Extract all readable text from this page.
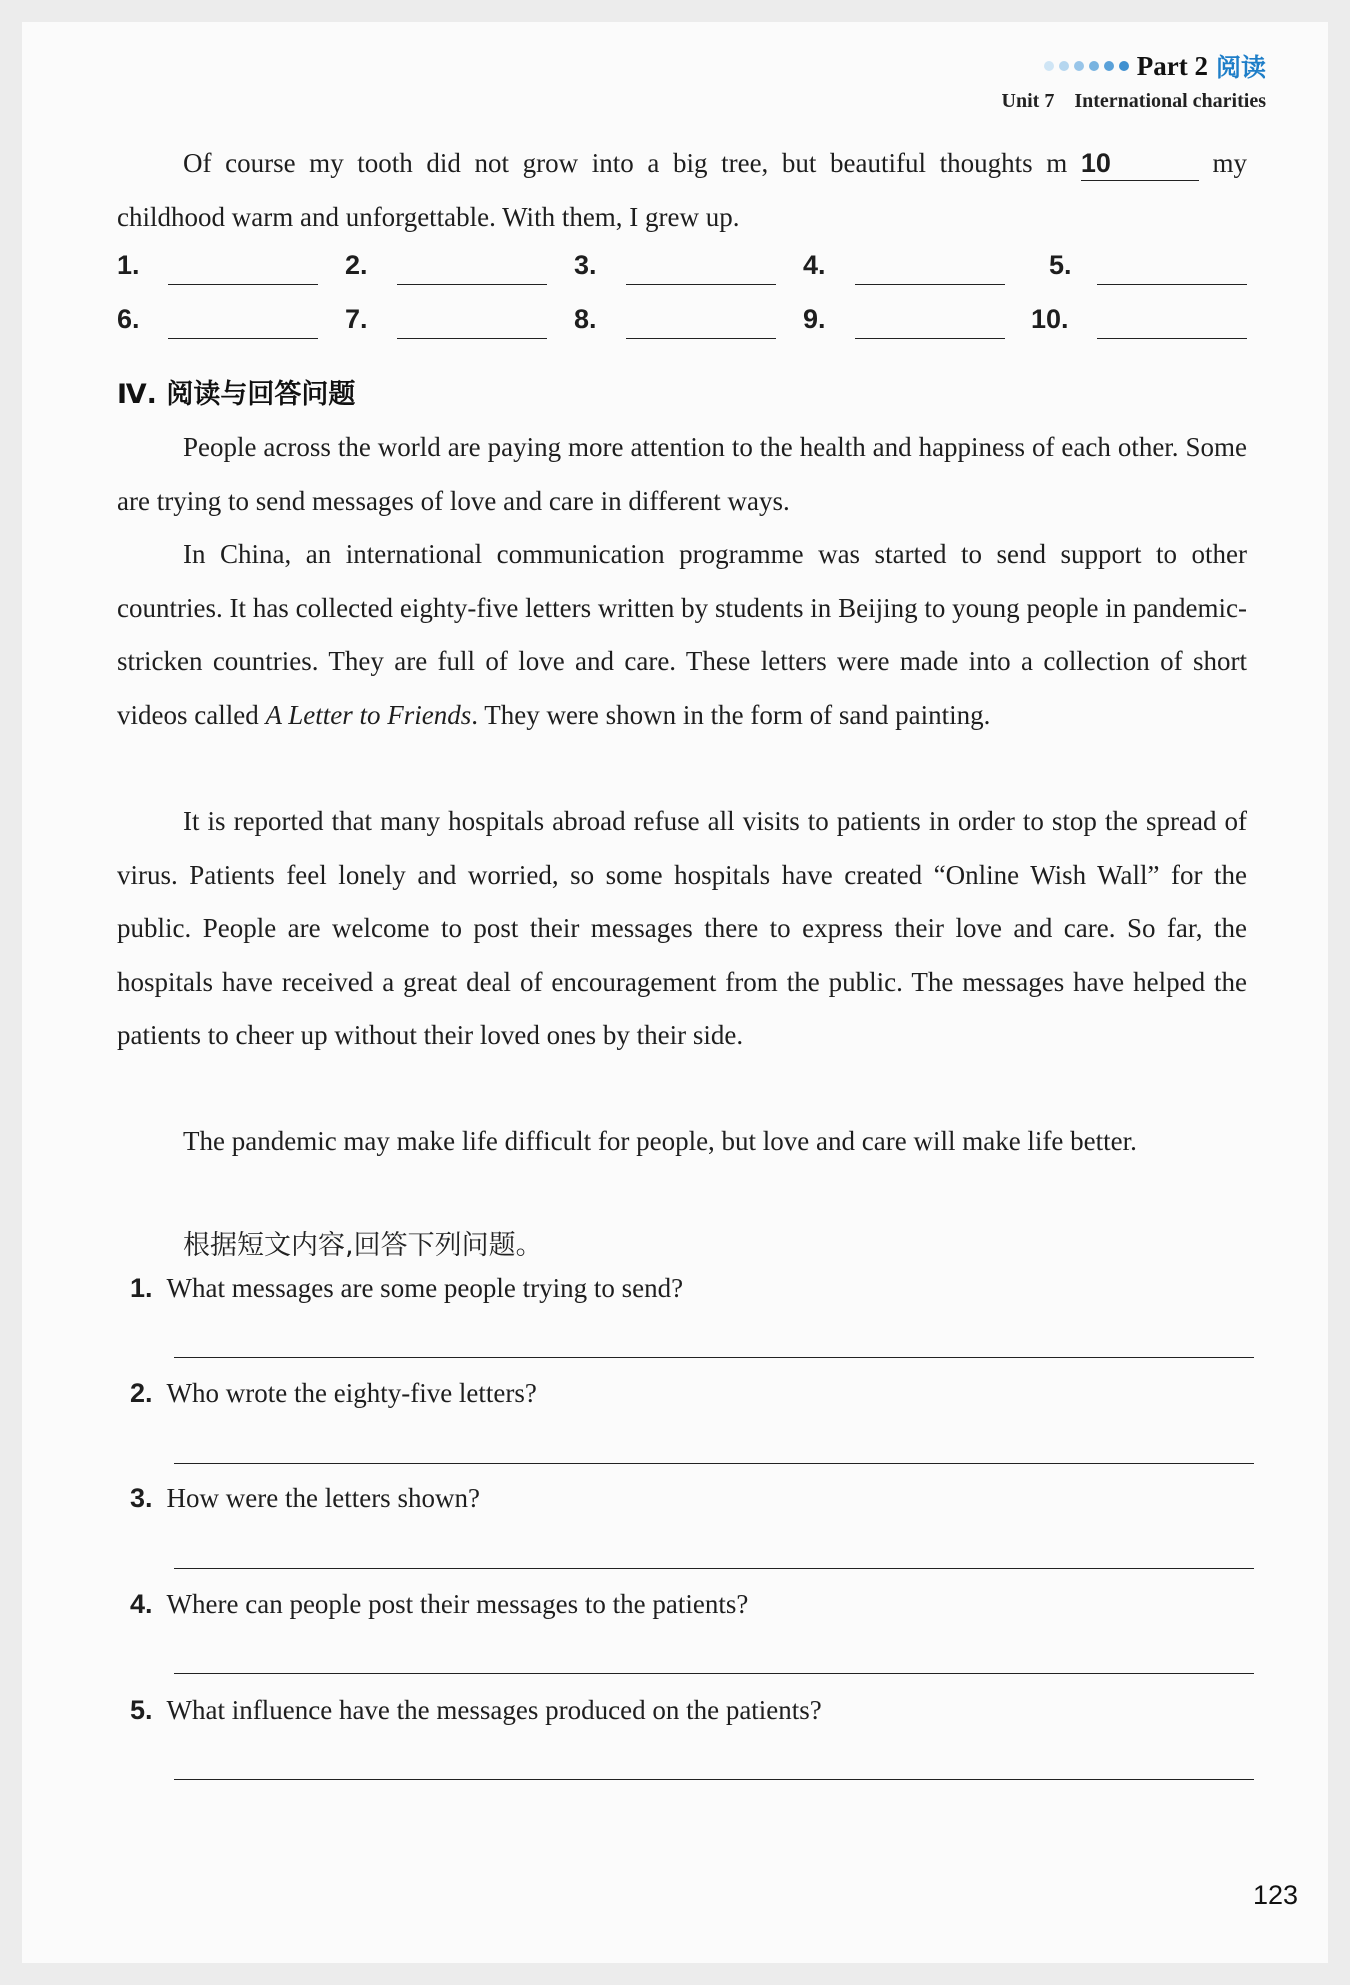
Part 2 阅读
Unit 7 International charities

Of course my tooth did not grow into a big tree, but beautiful thoughts m 10	my childhood warm and unforgettable. With them, I grew up.

1.	2.	3.	4.	5.
6.	7.	8.	9.	10.
Ⅳ. 阅读与回答问题

People across the world are paying more attention to the health and happiness of each other. Some are trying to send messages of love and care in different ways.

In China, an international communication programme was started to send support to other countries. It has collected eighty-five letters written by students in Beijing to young people in pandemic-stricken countries. They are full of love and care. These letters were made into a collection of short videos called A Letter to Friends. They were shown in the form of sand painting.

It is reported that many hospitals abroad refuse all visits to patients in order to stop the spread of virus. Patients feel lonely and worried, so some hospitals have created “Online Wish Wall” for the public. People are welcome to post their messages there to express their love and care. So far, the hospitals have received a great deal of encouragement from the public. The messages have helped the patients to cheer up without their loved ones by their side.

The pandemic may make life difficult for people, but love and care will make life better.

根据短文内容,回答下列问题。
1. What messages are some people trying to send?
2. Who wrote the eighty-five letters?
3. How were the letters shown?
4. Where can people post their messages to the patients?
5. What influence have the messages produced on the patients?
123
